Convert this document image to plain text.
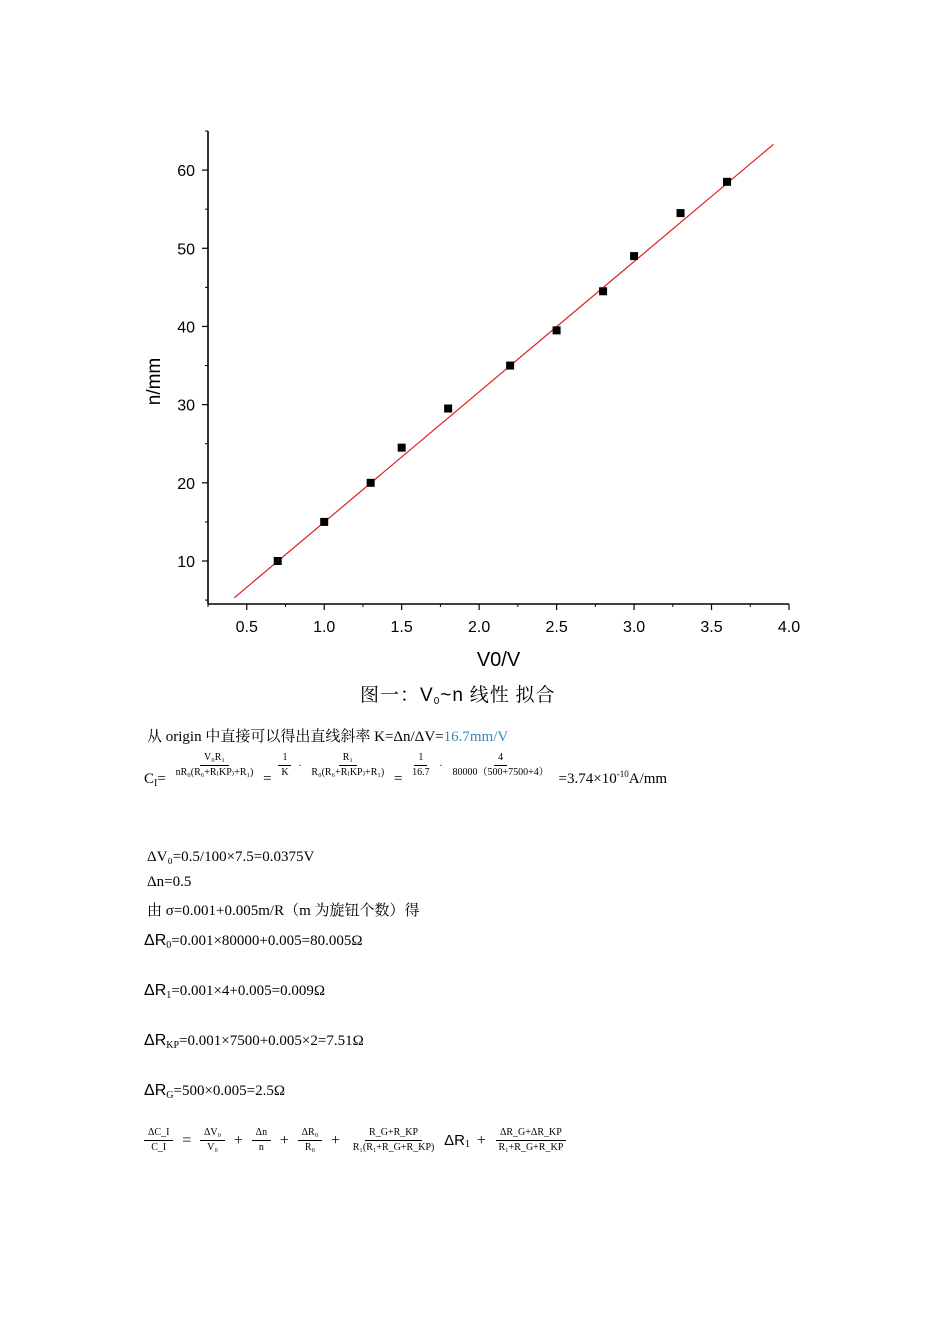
0.5	1.0	1.5	2.0	2.5	3.0	3.5	4.0
10
20
30
40
50
60
n/mm
V0/V
图一：$V_0\sim n$ 线性 拟合
从 origin 中直接可以得出直线斜率 K=Δn/ΔV=16.7mm/V
$C_I= \frac{\text{V₀R₁}}{\text{nR₀(R₆+R₍KP₎+R₁)}} = \frac{1}{K} \cdot \frac{\text{R₁}}{\text{R₀(R₆+R₍KP₎+R₁)}} = \frac{1}{16.7} \cdot \frac{4}{80000(500+7500+4)} =3.74\times 10^{-10}A/mm$
ΔV₀=0.5/100×7.5=0.0375V
Δn=0.5
由 σ=0.001+0.005m/R（m 为旋钮个数）得
$\Delta R_0=0.001\times 80000+0.005=80.005\Omega$
$\Delta R_1=0.001\times 4+0.005=0.009\Omega$
$\Delta R_{KP}=0.001\times 7500+0.005\times 2=7.51\Omega$
$\Delta R_G=500\times 0.005=2.5\Omega$
$\frac{\Delta C\_I}{C\_I} = \frac{\text{ΔV₀}}{\text{V₀}} + \frac{\Delta n}{n} + \frac{\text{ΔR₀}}{\text{R₀}} + \frac{R\_G+R\_KP}{\text{R₁(R₁+R\_G+R\_KP)}} \Delta R_1 + \frac{\Delta R\_G+\Delta R\_KP}{\text{R₁+R\_G+R\_KP}}$
